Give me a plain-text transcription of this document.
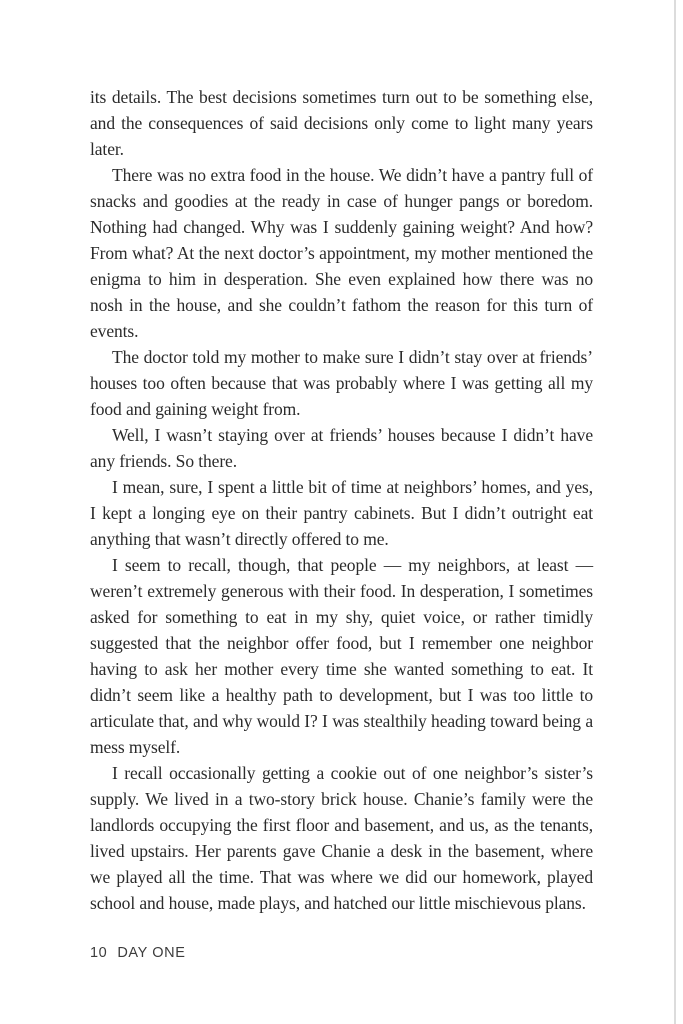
its details. The best decisions sometimes turn out to be something else, and the consequences of said decisions only come to light many years later.

There was no extra food in the house. We didn’t have a pantry full of snacks and goodies at the ready in case of hunger pangs or boredom. Nothing had changed. Why was I suddenly gaining weight? And how? From what? At the next doctor’s appointment, my mother mentioned the enigma to him in desperation. She even explained how there was no nosh in the house, and she couldn’t fathom the reason for this turn of events.

The doctor told my mother to make sure I didn’t stay over at friends’ houses too often because that was probably where I was getting all my food and gaining weight from.

Well, I wasn’t staying over at friends’ houses because I didn’t have any friends. So there.

I mean, sure, I spent a little bit of time at neighbors’ homes, and yes, I kept a longing eye on their pantry cabinets. But I didn’t outright eat anything that wasn’t directly offered to me.

I seem to recall, though, that people — my neighbors, at least — weren’t extremely generous with their food. In desperation, I sometimes asked for something to eat in my shy, quiet voice, or rather timidly suggested that the neighbor offer food, but I remember one neighbor having to ask her mother every time she wanted something to eat. It didn’t seem like a healthy path to development, but I was too little to articulate that, and why would I? I was stealthily heading toward being a mess myself.

I recall occasionally getting a cookie out of one neighbor’s sister’s supply. We lived in a two-story brick house. Chanie’s family were the landlords occupying the first floor and basement, and us, as the tenants, lived upstairs. Her parents gave Chanie a desk in the basement, where we played all the time. That was where we did our homework, played school and house, made plays, and hatched our little mischievous plans.

10 DAY ONE
